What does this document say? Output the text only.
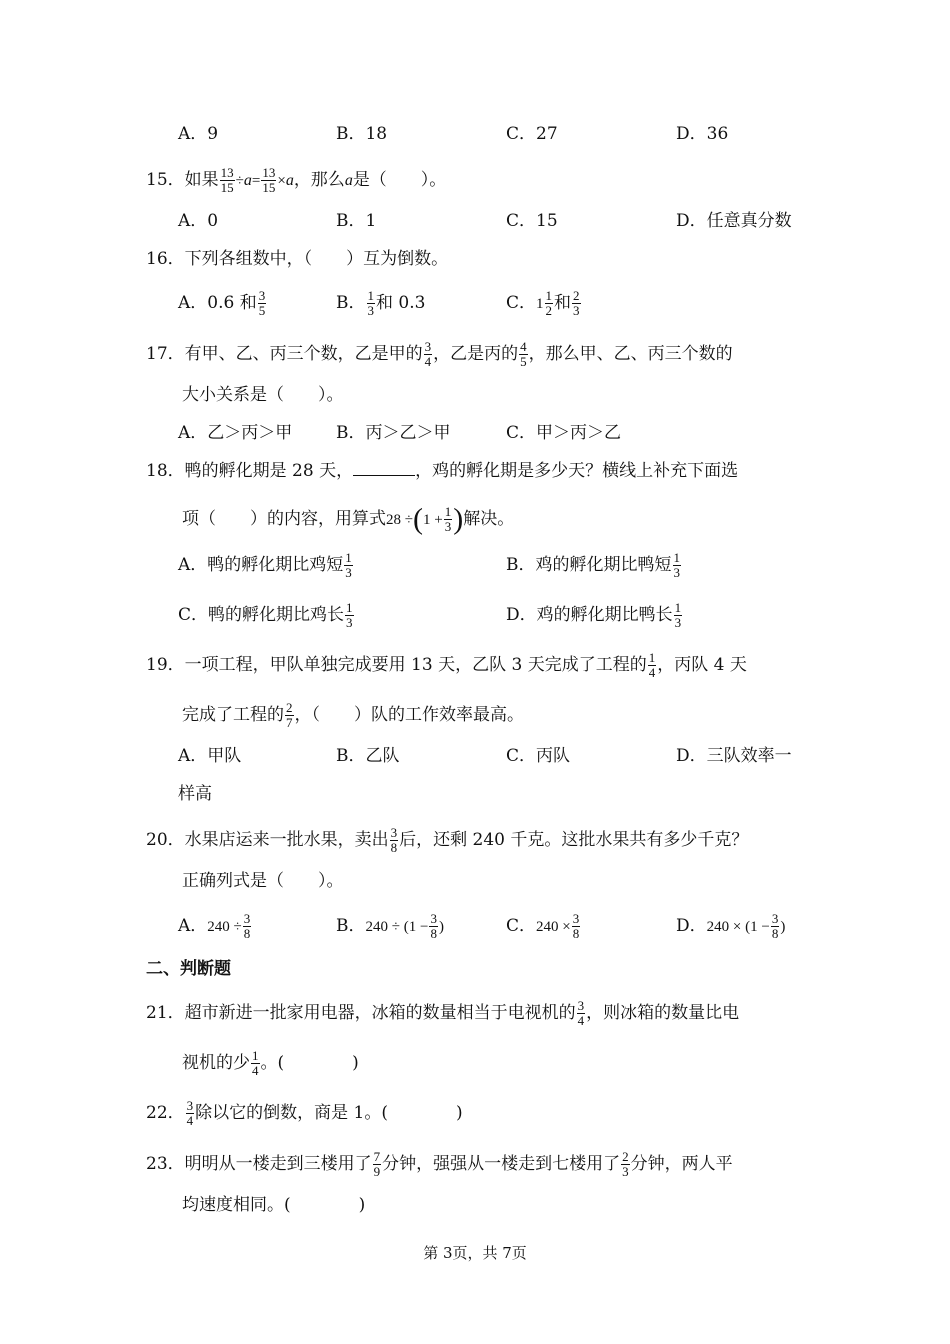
A．9	B．18	C．27	D．36
15．如果 $\frac{13}{15} \div a= \frac{13}{15} \times a$，那么a是（　　）。
A．0	B．1	C．15	D．任意真分数
16．下列各组数中，（　　）互为倒数。
A．0.6 和 $\frac{3}{5}$	B． $\frac{1}{3}$ 和 0.3	C．$1 \frac{1}{2}$ 和 $\frac{2}{3}$
17．有甲、乙、丙三个数，乙是甲的 $\frac{3}{4}$ ，乙是丙的 $\frac{4}{5}$ ，那么甲、乙、丙三个数的
大小关系是（　　）。
A．乙＞丙＞甲	B．丙＞乙＞甲	C．甲＞丙＞乙
18．鸭的孵化期是 28 天，	，鸡的孵化期是多少天？横线上补充下面选
项（　　）的内容，用算式$28 \div(1 + \frac{1}{3}$ )解决。
A．鸭的孵化期比鸡短 $\frac{1}{3}$	B．鸡的孵化期比鸭短 $\frac{1}{3}$
C．鸭的孵化期比鸡长 $\frac{1}{3}$	D．鸡的孵化期比鸭长 $\frac{1}{3}$
19．一项工程，甲队单独完成要用 13 天，乙队 3 天完成了工程的 $\frac{1}{4}$ ，丙队 4 天
完成了工程的 $\frac{2}{7}$ ，（　　）队的工作效率最高。
A．甲队	B．乙队	C．丙队	D．三队效率一
样高
20．水果店运来一批水果，卖出 $\frac{3}{8}$ 后，还剩 240 千克。这批水果共有多少千克？
正确列式是（　　）。
A．$240 \div \frac{3}{8}$	B．$240 \div (1 - \frac{3}{8}$ )	C．$240 \times \frac{3}{8}$	D．$240 \times (1 - \frac{3}{8}$ )
二、判断题
21．超市新进一批家用电器，冰箱的数量相当于电视机的 $\frac{3}{4}$ ，则冰箱的数量比电
视机的少 $\frac{1}{4}$ 。(　　　　)
22． $\frac{3}{4}$ 除以它的倒数，商是 1。(　　　　)
23．明明从一楼走到三楼用了 $\frac{7}{9}$ 分钟，强强从一楼走到七楼用了 $\frac{2}{3}$ 分钟，两人平
均速度相同。(　　　　)
第 3页，共 7页
